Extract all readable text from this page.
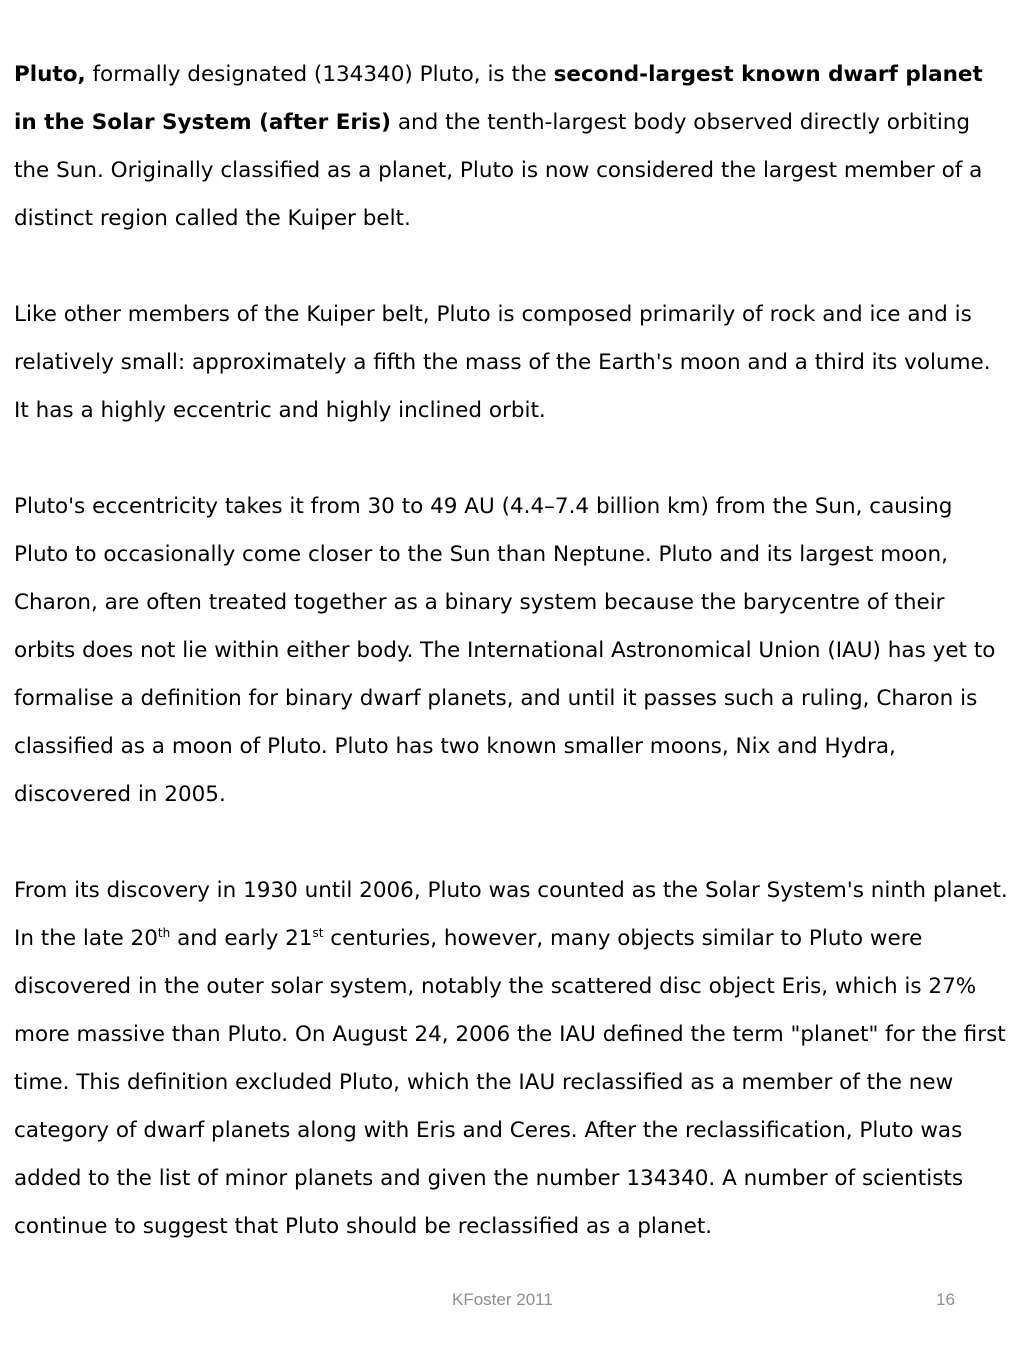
Pluto, formally designated (134340) Pluto, is the second-largest known dwarf planet in the Solar System (after Eris) and the tenth-largest body observed directly orbiting the Sun. Originally classified as a planet, Pluto is now considered the largest member of a distinct region called the Kuiper belt.

Like other members of the Kuiper belt, Pluto is composed primarily of rock and ice and is relatively small: approximately a fifth the mass of the Earth's moon and a third its volume. It has a highly eccentric and highly inclined orbit.

Pluto's eccentricity takes it from 30 to 49 AU (4.4–7.4 billion km) from the Sun, causing Pluto to occasionally come closer to the Sun than Neptune. Pluto and its largest moon, Charon, are often treated together as a binary system because the barycentre of their orbits does not lie within either body. The International Astronomical Union (IAU) has yet to formalise a definition for binary dwarf planets, and until it passes such a ruling, Charon is classified as a moon of Pluto. Pluto has two known smaller moons, Nix and Hydra, discovered in 2005.

From its discovery in 1930 until 2006, Pluto was counted as the Solar System's ninth planet. In the late 20th and early 21st centuries, however, many objects similar to Pluto were discovered in the outer solar system, notably the scattered disc object Eris, which is 27% more massive than Pluto. On August 24, 2006 the IAU defined the term "planet" for the first time. This definition excluded Pluto, which the IAU reclassified as a member of the new category of dwarf planets along with Eris and Ceres. After the reclassification, Pluto was added to the list of minor planets and given the number 134340. A number of scientists continue to suggest that Pluto should be reclassified as a planet.

KFoster 2011	16
